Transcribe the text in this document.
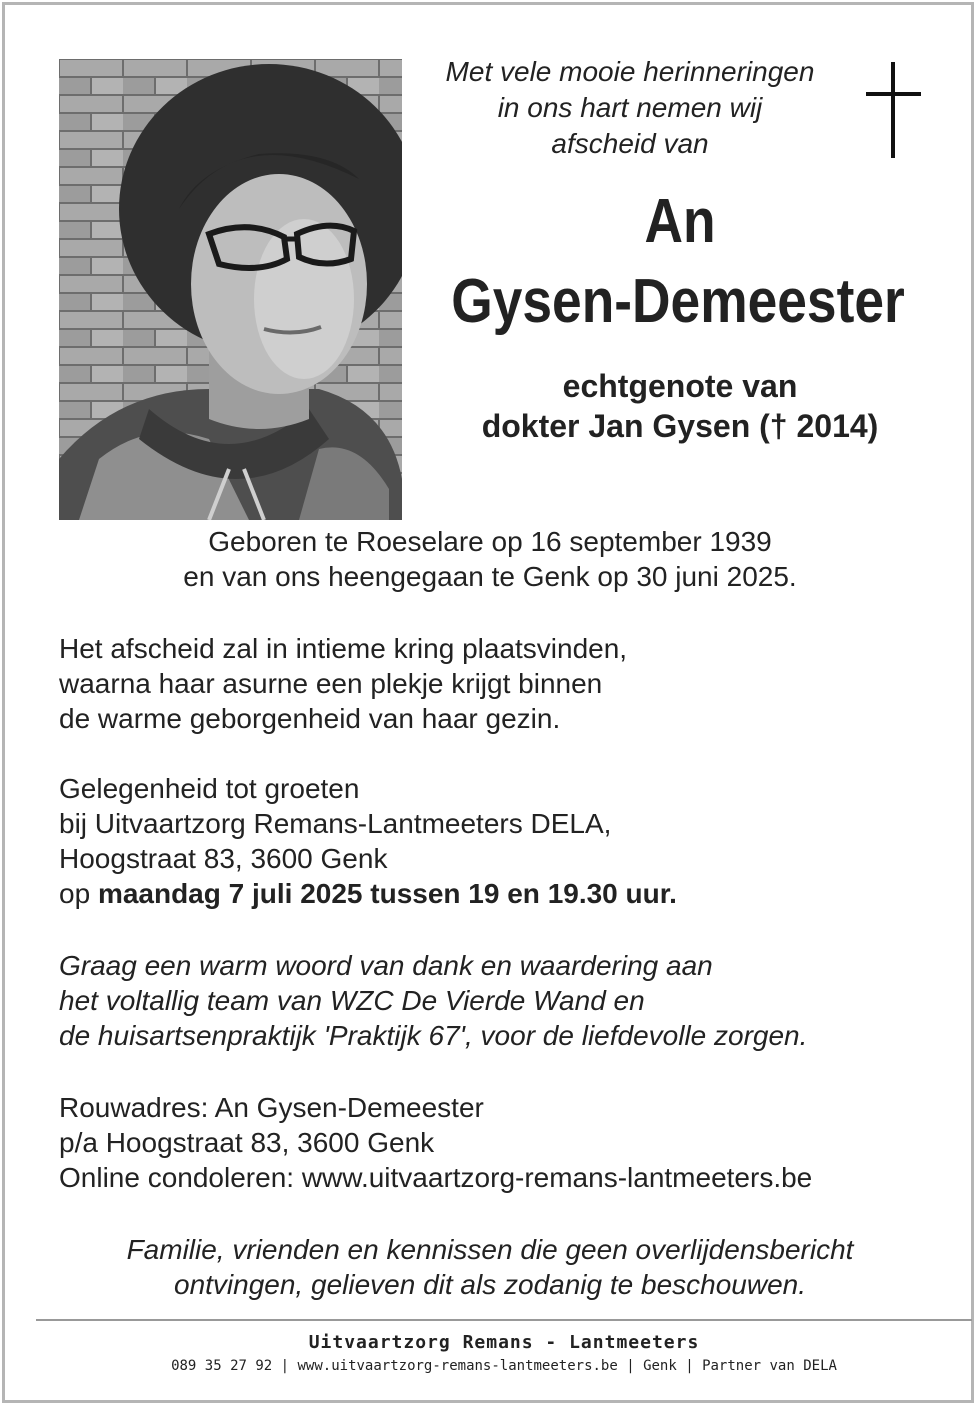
Met vele mooie herinneringen
in ons hart nemen wij
afscheid van
An
Gysen-Demeester
echtgenote van
dokter Jan Gysen († 2014)
Geboren te Roeselare op 16 september 1939
en van ons heengegaan te Genk op 30 juni 2025.
Het afscheid zal in intieme kring plaatsvinden,
waarna haar asurne een plekje krijgt binnen
de warme geborgenheid van haar gezin.
Gelegenheid tot groeten
bij Uitvaartzorg Remans-Lantmeeters DELA,
Hoogstraat 83, 3600 Genk
op maandag 7 juli 2025 tussen 19 en 19.30 uur.
Graag een warm woord van dank en waardering aan
het voltallig team van WZC De Vierde Wand en
de huisartsenpraktijk 'Praktijk 67', voor de liefdevolle zorgen.
Rouwadres: An Gysen-Demeester
p/a Hoogstraat 83, 3600 Genk
Online condoleren: www.uitvaartzorg-remans-lantmeeters.be
Familie, vrienden en kennissen die geen overlijdensbericht
ontvingen, gelieven dit als zodanig te beschouwen.
Uitvaartzorg Remans - Lantmeeters
089 35 27 92 | www.uitvaartzorg-remans-lantmeeters.be | Genk | Partner van DELA
